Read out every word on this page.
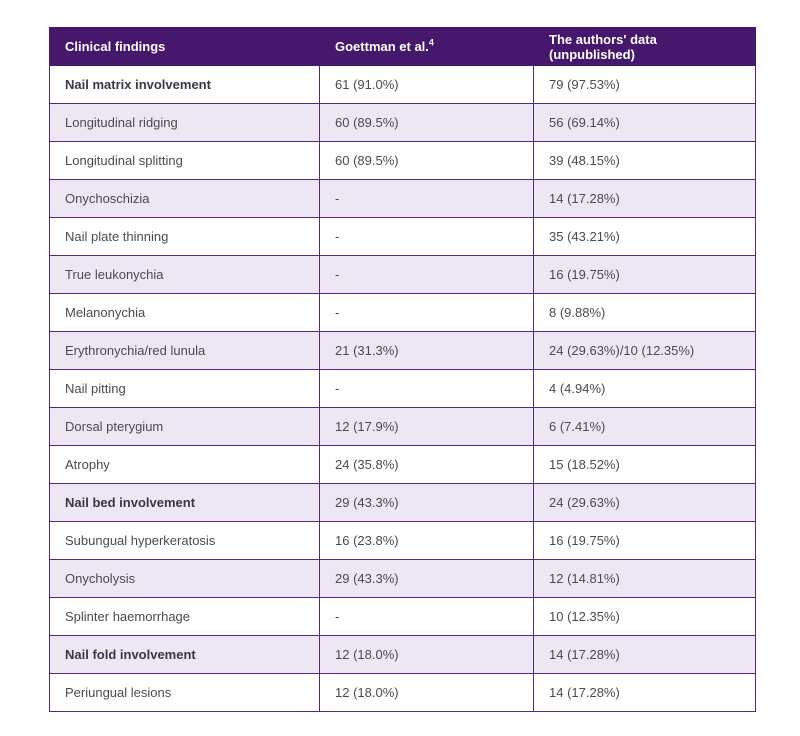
Clinical findings	Goettman et al.$^4$	The authors' data (unpublished)
Nail matrix involvement	61 (91.0%)	79 (97.53%)
Longitudinal ridging	60 (89.5%)	56 (69.14%)
Longitudinal splitting	60 (89.5%)	39 (48.15%)
Onychoschizia	-	14 (17.28%)
Nail plate thinning	-	35 (43.21%)
True leukonychia	-	16 (19.75%)
Melanonychia	-	8 (9.88%)
Erythronychia/red lunula	21 (31.3%)	24 (29.63%)/10 (12.35%)
Nail pitting	-	4 (4.94%)
Dorsal pterygium	12 (17.9%)	6 (7.41%)
Atrophy	24 (35.8%)	15 (18.52%)
Nail bed involvement	29 (43.3%)	24 (29.63%)
Subungual hyperkeratosis	16 (23.8%)	16 (19.75%)
Onycholysis	29 (43.3%)	12 (14.81%)
Splinter haemorrhage	-	10 (12.35%)
Nail fold involvement	12 (18.0%)	14 (17.28%)
Periungual lesions	12 (18.0%)	14 (17.28%)
